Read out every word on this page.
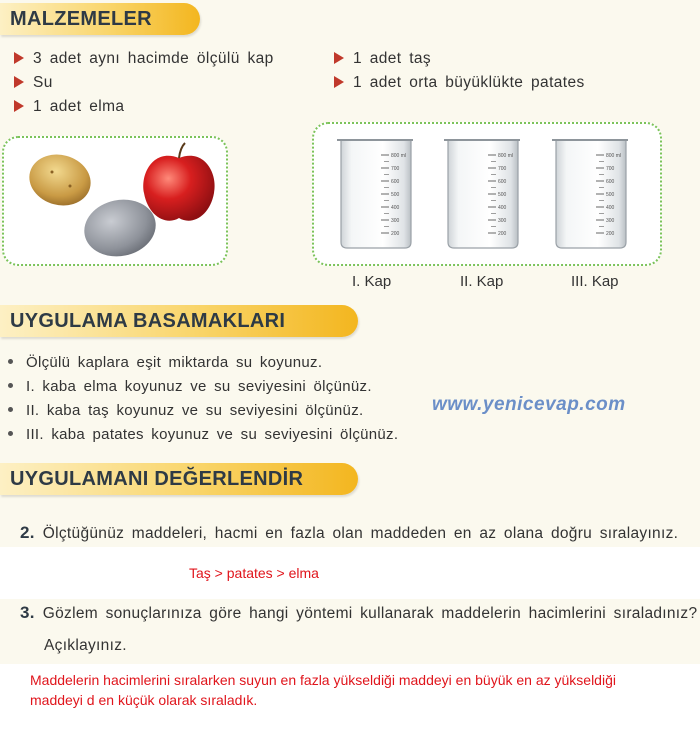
MALZEMELER
3 adet aynı hacimde ölçülü kap
Su
1 adet elma
1 adet taş
1 adet orta büyüklükte patates
800 ml
700
600
500
400
300
200
800 ml
700
600
500
400
300
200
800 ml
700
600
500
400
300
200
I. Kap	II. Kap	III. Kap
UYGULAMA BASAMAKLARI
Ölçülü kaplara eşit miktarda su koyunuz.
I. kaba elma koyunuz ve su seviyesini ölçünüz.
II. kaba taş koyunuz ve su seviyesini ölçünüz.
III. kaba patates koyunuz ve su seviyesini ölçünüz.
www.yenicevap.com
UYGULAMANI DEĞERLENDİR
2. Ölçtüğünüz maddeleri, hacmi en fazla olan maddeden en az olana doğru sıralayınız.
Taş > patates > elma
3. Gözlem sonuçlarınıza göre hangi yöntemi kullanarak maddelerin hacimlerini sıraladınız?
Açıklayınız.
Maddelerin hacimlerini sıralarken suyun en fazla yükseldiği maddeyi en büyük en az yükseldiği
maddeyi d en küçük olarak sıraladık.
